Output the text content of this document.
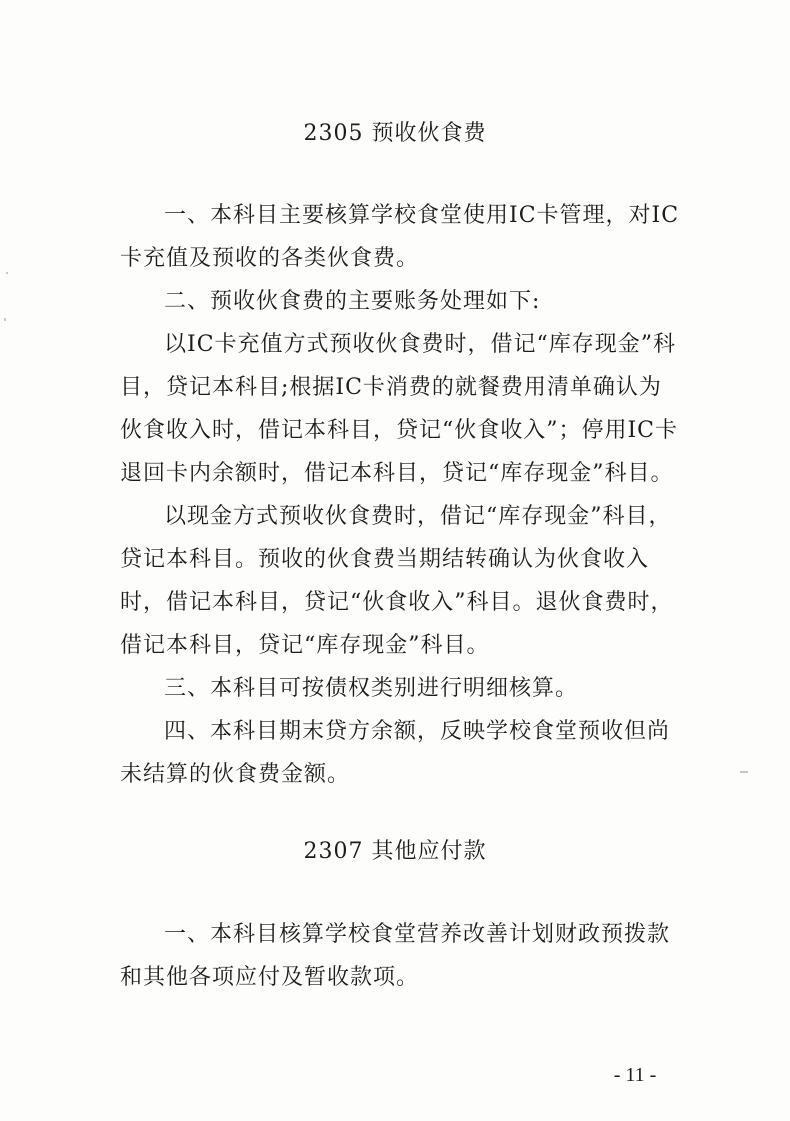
2305 预收伙食费

一、本科目主要核算学校食堂使用IC卡管理，对IC卡充值及预收的各类伙食费。

二、预收伙食费的主要账务处理如下:

以IC卡充值方式预收伙食费时，借记“库存现金”科目，贷记本科目;根据IC卡消费的就餐费用清单确认为伙食收入时，借记本科目，贷记“伙食收入”；停用IC卡退回卡内余额时，借记本科目，贷记“库存现金”科目。

以现金方式预收伙食费时，借记“库存现金”科目，贷记本科目。预收的伙食费当期结转确认为伙食收入时，借记本科目，贷记“伙食收入”科目。退伙食费时，借记本科目，贷记“库存现金”科目。

三、本科目可按债权类别进行明细核算。

四、本科目期末贷方余额，反映学校食堂预收但尚未结算的伙食费金额。

2307 其他应付款

一、本科目核算学校食堂营养改善计划财政预拨款和其他各项应付及暂收款项。

- 11 -
